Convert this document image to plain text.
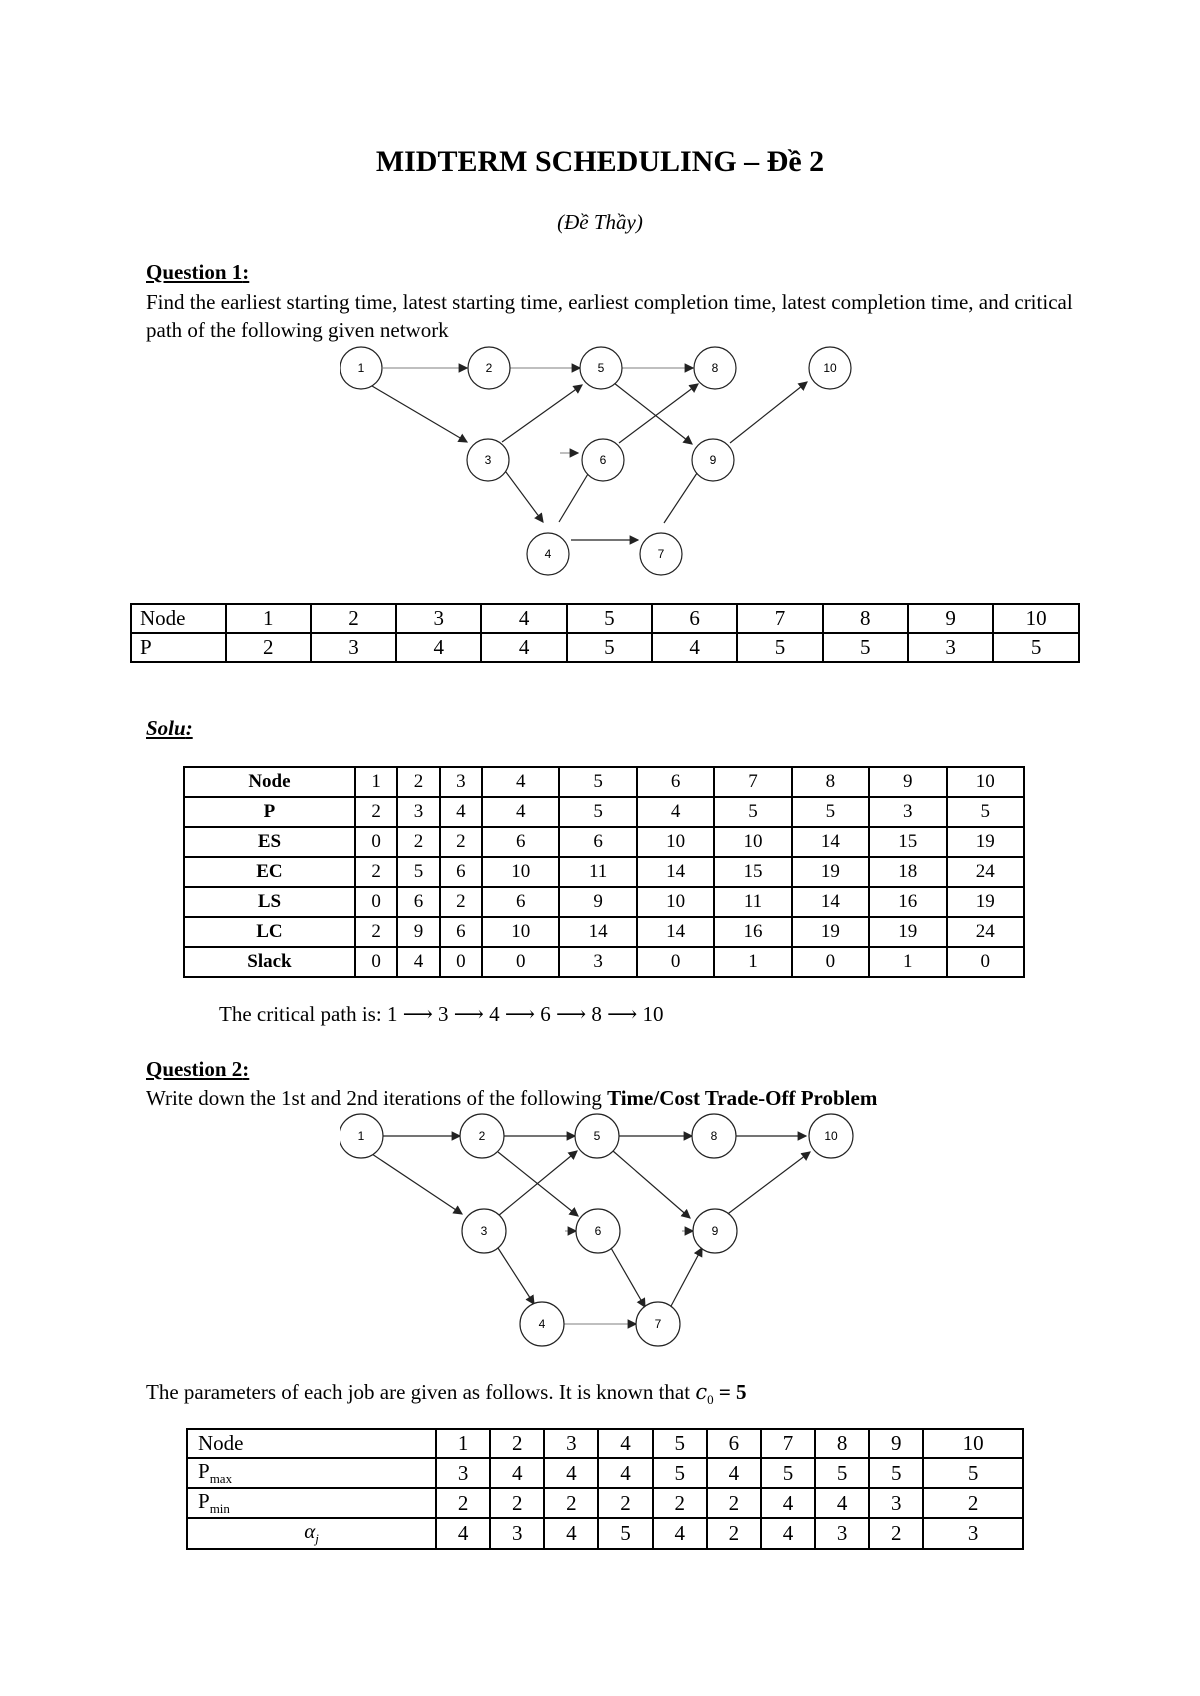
MIDTERM SCHEDULING – Đề 2
(Đề Thầy)
Question 1:
Find the earliest starting time, latest starting time, earliest completion time, latest completion time, and critical path of the following given network
1	2	5	8	10
3	6	9
4	7
Node	1	2	3	4	5	6	7	8	9	10
P	2	3	4	4	5	4	5	5	3	5
Solu:
Node	1	2	3	4	5	6	7	8	9	10
P	2	3	4	4	5	4	5	5	3	5
ES	0	2	2	6	6	10	10	14	15	19
EC	2	5	6	10	11	14	15	19	18	24
LS	0	6	2	6	9	10	11	14	16	19
LC	2	9	6	10	14	14	16	19	19	24
Slack	0	4	0	0	3	0	1	0	1	0
The critical path is: 1 ⟶ 3 ⟶ 4 ⟶ 6 ⟶ 8 ⟶ 10
Question 2:
Write down the 1st and 2nd iterations of the following Time/Cost Trade-Off Problem
1	2	5	8	10
3	6	9
4	7
The parameters of each job are given as follows. It is known that $c_0 = 5$
Node	1	2	3	4	5	6	7	8	9	10
$P_{max}$	3	4	4	4	5	4	5	5	5	5
$P_{min}$	2	2	2	2	2	2	4	4	3	2
$\alpha_j$	4	3	4	5	4	2	4	3	2	3
